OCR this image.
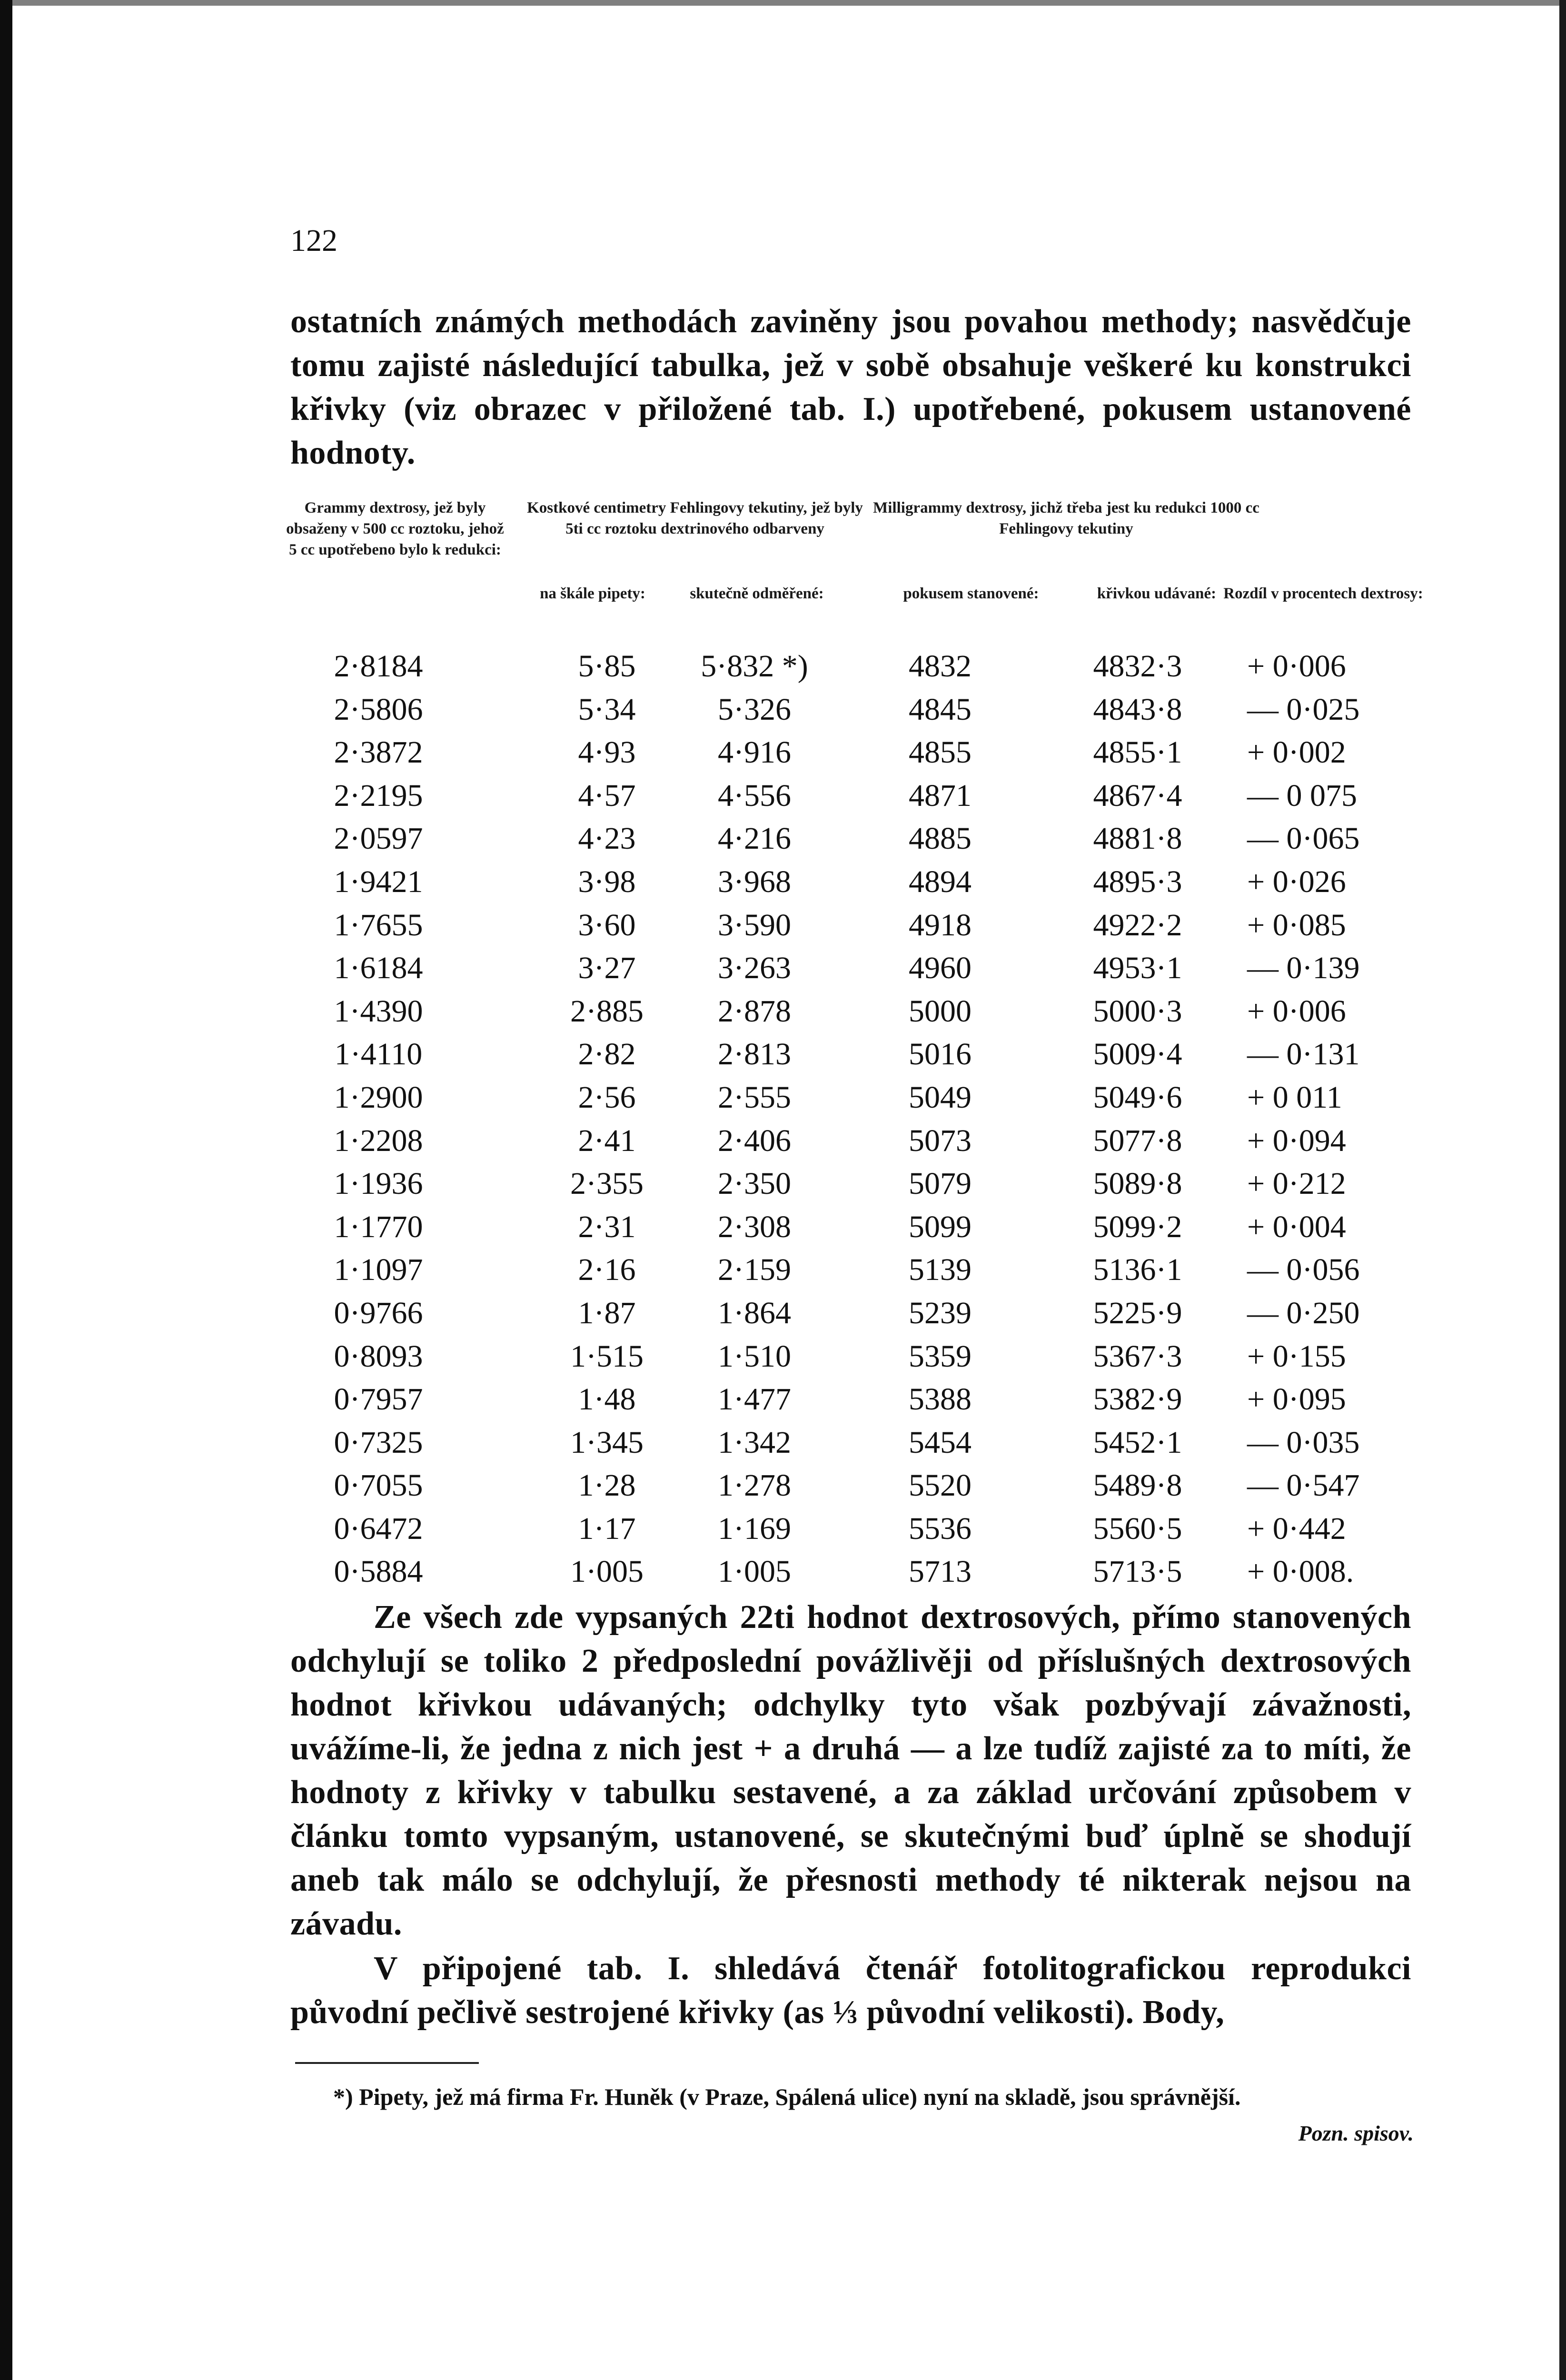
122
ostatních známých methodách zaviněny jsou povahou methody; nasvědčuje tomu zajisté následující tabulka, jež v sobě obsahuje veškeré ku konstrukci křivky (viz obrazec v přiložené tab. I.) upotřebené, pokusem ustanovené hodnoty.
Grammy dextrosy, jež byly obsaženy v 500 cc roztoku, jehož 5 cc upotřebeno bylo k redukci:
Kostkové centimetry Fehlingovy tekutiny, jež byly 5ti cc roztoku dextrinového odbarveny
na škále pipety:	skutečně odměřené:
Milligrammy dextrosy, jichž třeba jest ku redukci 1000 cc Fehlingovy tekutiny
pokusem stanovené:	křivkou udávané: Rozdíl v procentech dextrosy:
2·8184	5·85	5·832 *)	4832	4832·3	+ 0·006
2·5806	5·34	5·326	4845	4843·8	— 0·025
2·3872	4·93	4·916	4855	4855·1	+ 0·002
2·2195	4·57	4·556	4871	4867·4	— 0 075
2·0597	4·23	4·216	4885	4881·8	— 0·065
1·9421	3·98	3·968	4894	4895·3	+ 0·026
1·7655	3·60	3·590	4918	4922·2	+ 0·085
1·6184	3·27	3·263	4960	4953·1	— 0·139
1·4390	2·885	2·878	5000	5000·3	+ 0·006
1·4110	2·82	2·813	5016	5009·4	— 0·131
1·2900	2·56	2·555	5049	5049·6	+ 0 011
1·2208	2·41	2·406	5073	5077·8	+ 0·094
1·1936	2·355	2·350	5079	5089·8	+ 0·212
1·1770	2·31	2·308	5099	5099·2	+ 0·004
1·1097	2·16	2·159	5139	5136·1	— 0·056
0·9766	1·87	1·864	5239	5225·9	— 0·250
0·8093	1·515	1·510	5359	5367·3	+ 0·155
0·7957	1·48	1·477	5388	5382·9	+ 0·095
0·7325	1·345	1·342	5454	5452·1	— 0·035
0·7055	1·28	1·278	5520	5489·8	— 0·547
0·6472	1·17	1·169	5536	5560·5	+ 0·442
0·5884	1·005	1·005	5713	5713·5	+ 0·008.
Ze všech zde vypsaných 22ti hodnot dextrosových, přímo stanovených odchylují se toliko 2 předposlední povážlivěji od příslušných dextrosových hodnot křivkou udávaných; odchylky tyto však pozbývají závažnosti, uvážíme-li, že jedna z nich jest + a druhá — a lze tudíž zajisté za to míti, že hodnoty z křivky v tabulku sestavené, a za základ určování způsobem v článku tomto vypsaným, ustanovené, se skutečnými buď úplně se shodují aneb tak málo se odchylují, že přesnosti methody té nikterak nejsou na závadu.
V připojené tab. I. shledává čtenář fotolitografickou reprodukci původní pečlivě sestrojené křivky (as ⅓ původní velikosti). Body,
*) Pipety, jež má firma Fr. Huněk (v Praze, Spálená ulice) nyní na skladě, jsou správnější.
Pozn. spisov.
